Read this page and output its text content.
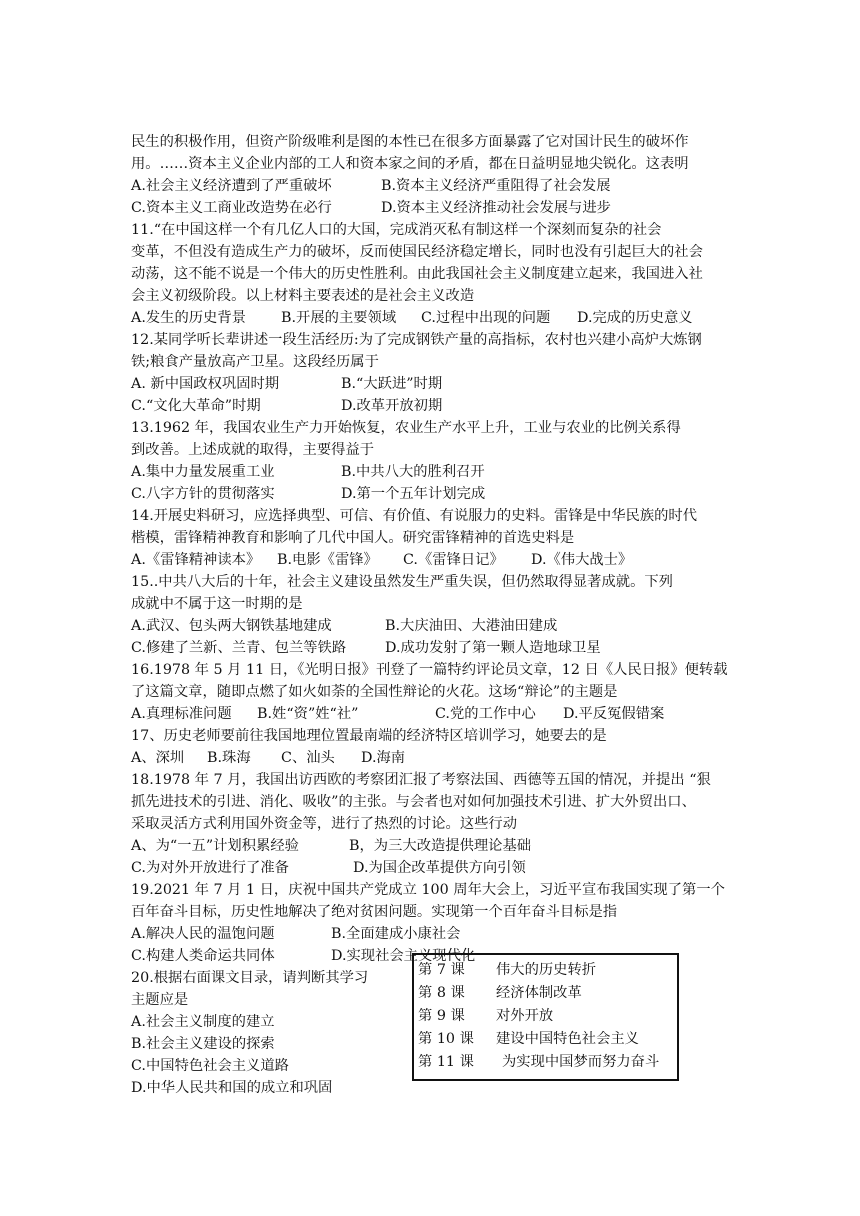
民生的积极作用，但资产阶级唯利是图的本性已在很多方面暴露了它对国计民生的破坏作
用。……资本主义企业内部的工人和资本家之间的矛盾，都在日益明显地尖锐化。这表明
A.社会主义经济遭到了严重破坏	B.资本主义经济严重阻得了社会发展
C.资本主义工商业改造势在必行	D.资本主义经济推动社会发展与进步
11.“在中国这样一个有几亿人口的大国，完成消灭私有制这样一个深刻而复杂的社会
变革，不但没有造成生产力的破坏，反而使国民经济稳定增长，同时也没有引起巨大的社会
动荡，这不能不说是一个伟大的历史性胜利。由此我国社会主义制度建立起来，我国进入社
会主义初级阶段。以上材料主要表述的是社会主义改造
A.发生的历史背景 B.开展的主要领域 C.过程中出现的问题 D.完成的历史意义
12.某同学听长辈讲述一段生活经历:为了完成钢铁产量的高指标，农村也兴建小高炉大炼钢
铁;粮食产量放高产卫星。这段经历属于
A. 新中国政权巩固时期	B.“大跃进”时期
C.“文化大革命”时期	D.改革开放初期
13.1962 年，我国农业生产力开始恢复，农业生产水平上升，工业与农业的比例关系得
到改善。上述成就的取得，主要得益于
A.集中力量发展重工业	B.中共八大的胜利召开
C.八字方针的贯彻落实	D.第一个五年计划完成
14.开展史料研习，应选择典型、可信、有价值、有说服力的史料。雷锋是中华民族的时代
楷模，雷锋精神教育和影响了几代中国人。研究雷锋精神的首选史料是
A.《雷锋精神读本》 B.电影《雷锋》 C.《雷锋日记》 D.《伟大战士》
15..中共八大后的十年，社会主义建设虽然发生严重失误，但仍然取得显著成就。下列
成就中不属于这一时期的是
A.武汉、包头两大钢铁基地建成	B.大庆油田、大港油田建成
C.修建了兰新、兰青、包兰等铁路	D.成功发射了第一颗人造地球卫星
16.1978 年 5 月 11 日，《光明日报》刊登了一篇特约评论员文章，12 日《人民日报》便转载
了这篇文章，随即点燃了如火如荼的全国性辩论的火花。这场“辩论”的主题是
A.真理标准问题 B.姓“资”姓“社”	C.党的工作中心 D.平反冤假错案
17、历史老师要前往我国地理位置最南端的经济特区培训学习，她要去的是
A、深圳 B.珠海 C、汕头 D.海南
18.1978 年 7 月，我国出访西欧的考察团汇报了考察法国、西德等五国的情况，并提出 “狠
抓先进技术的引进、消化、吸收”的主张。与会者也对如何加强技术引进、扩大外贸出口、
采取灵活方式利用国外资金等，进行了热烈的讨论。这些行动
A、为“一五”计划积累经验	B，为三大改造提供理论基础
C.为对外开放进行了准备	D.为国企改革提供方向引领
19.2021 年 7 月 1 日，庆祝中国共产党成立 100 周年大会上，习近平宣布我国实现了第一个
百年奋斗目标，历史性地解决了绝对贫困问题。实现第一个百年奋斗目标是指
A.解决人民的温饱问题	B.全面建成小康社会
C.构建人类命运共同体	D.实现社会主义现代化
20.根据右面课文目录，请判断其学习
主题应是
A.社会主义制度的建立
B.社会主义建设的探索
C.中国特色社会主义道路
D.中华人民共和国的成立和巩固
第 7 课 伟大的历史转折
第 8 课 经济体制改革
第 9 课 对外开放
第 10 课 建设中国特色社会主义
第 11 课 为实现中国梦而努力奋斗
